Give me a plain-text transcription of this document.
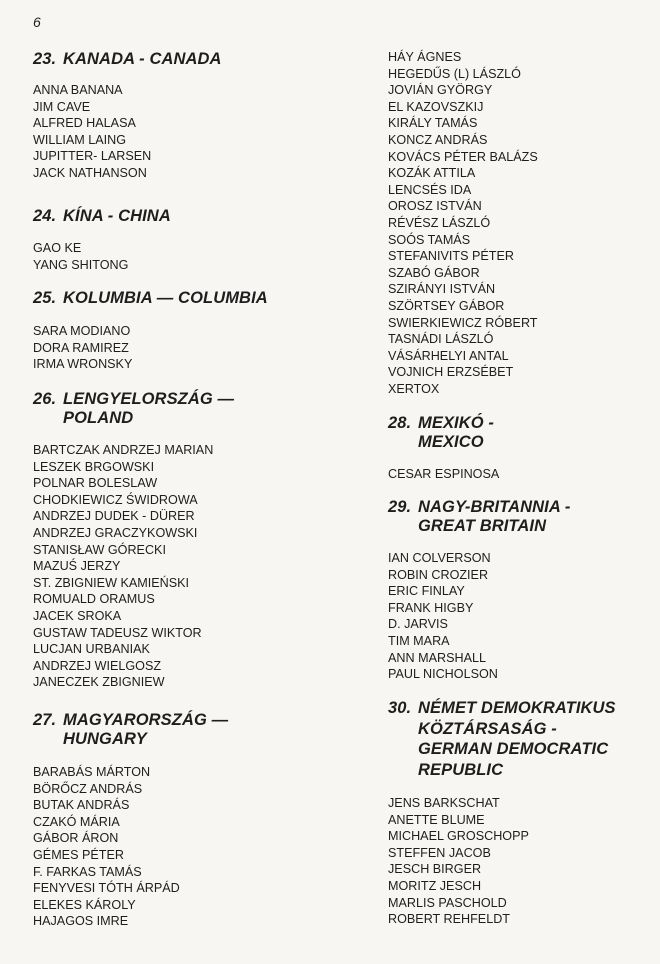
6
23. KANADA - CANADA
ANNA BANANA
JIM CAVE
ALFRED HALASA
WILLIAM LAING
JUPITTER- LARSEN
JACK NATHANSON
24. KÍNA - CHINA
GAO KE
YANG SHITONG
25. KOLUMBIA — COLUMBIA
SARA MODIANO
DORA RAMIREZ
IRMA WRONSKY
26. LENGYELORSZÁG —
POLAND
BARTCZAK ANDRZEJ MARIAN
LESZEK BRGOWSKI
POLNAR BOLESLAW
CHODKIEWICZ ŚWIDROWA
ANDRZEJ DUDEK - DÜRER
ANDRZEJ GRACZYKOWSKI
STANISŁAW GÓRECKI
MAZUŚ JERZY
ST. ZBIGNIEW KAMIEŃSKI
ROMUALD ORAMUS
JACEK SROKA
GUSTAW TADEUSZ WIKTOR
LUCJAN URBANIAK
ANDRZEJ WIELGOSZ
JANECZEK ZBIGNIEW
27. MAGYARORSZÁG —
HUNGARY
BARABÁS MÁRTON
BÖRŐCZ ANDRÁS
BUTAK ANDRÁS
CZAKÓ MÁRIA
GÁBOR ÁRON
GÉMES PÉTER
F. FARKAS TAMÁS
FENYVESI TÓTH ÁRPÁD
ELEKES KÁROLY
HAJAGOS IMRE
HÁY ÁGNES
HEGEDŰS (L) LÁSZLÓ
JOVIÁN GYÖRGY
EL KAZOVSZKIJ
KIRÁLY TAMÁS
KONCZ ANDRÁS
KOVÁCS PÉTER BALÁZS
KOZÁK ATTILA
LENCSÉS IDA
OROSZ ISTVÁN
RÉVÉSZ LÁSZLÓ
SOÓS TAMÁS
STEFANIVITS PÉTER
SZABÓ GÁBOR
SZIRÁNYI ISTVÁN
SZÖRTSEY GÁBOR
SWIERKIEWICZ RÓBERT
TASNÁDI LÁSZLÓ
VÁSÁRHELYI ANTAL
VOJNICH ERZSÉBET
XERTOX
28. MEXIKÓ -
MEXICO
CESAR ESPINOSA
29. NAGY-BRITANNIA -
GREAT BRITAIN
IAN COLVERSON
ROBIN CROZIER
ERIC FINLAY
FRANK HIGBY
D. JARVIS
TIM MARA
ANN MARSHALL
PAUL NICHOLSON
30. NÉMET DEMOKRATIKUS
KÖZTÁRSASÁG -
GERMAN DEMOCRATIC
REPUBLIC
JENS BARKSCHAT
ANETTE BLUME
MICHAEL GROSCHOPP
STEFFEN JACOB
JESCH BIRGER
MORITZ JESCH
MARLIS PASCHOLD
ROBERT REHFELDT
